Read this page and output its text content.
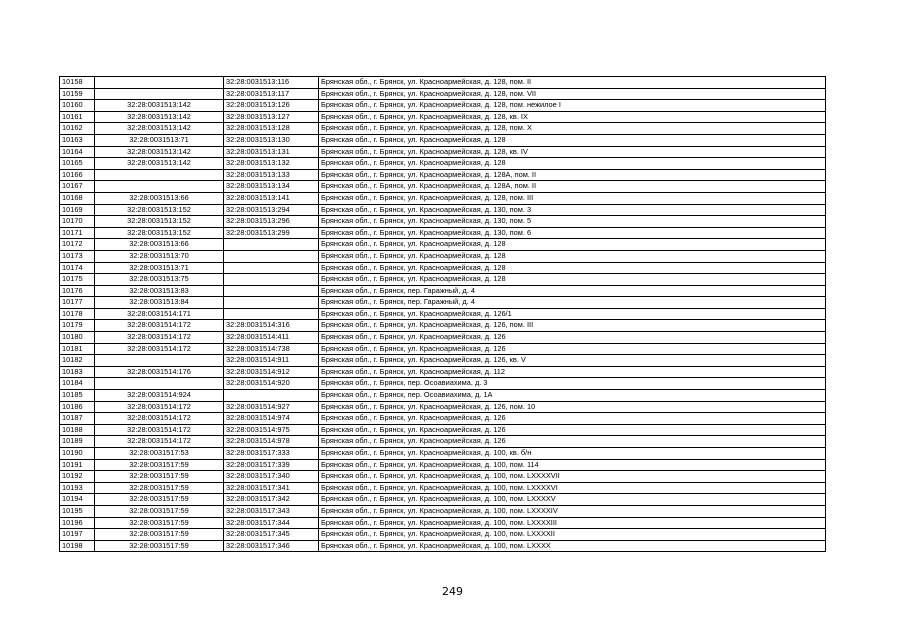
10158		32:28:0031513:116	Брянская обл., г. Брянск, ул. Красноармейская, д. 128, пом. II
10159		32:28:0031513:117	Брянская обл., г. Брянск, ул. Красноармейская, д. 128, пом. VII
10160	32:28:0031513:142	32:28:0031513:126	Брянская обл., г. Брянск, ул. Красноармейская, д. 128, пом. нежилое I
10161	32:28:0031513:142	32:28:0031513:127	Брянская обл., г. Брянск, ул. Красноармейская, д. 128, кв. IX
10162	32:28:0031513:142	32:28:0031513:128	Брянская обл., г. Брянск, ул. Красноармейская, д. 128, пом. X
10163	32:28:0031513:71	32:28:0031513:130	Брянская обл., г. Брянск, ул. Красноармейская, д. 128
10164	32:28:0031513:142	32:28:0031513:131	Брянская обл., г. Брянск, ул. Красноармейская, д. 128, кв. IV
10165	32:28:0031513:142	32:28:0031513:132	Брянская обл., г. Брянск, ул. Красноармейская, д. 128
10166		32:28:0031513:133	Брянская обл., г. Брянск, ул. Красноармейская, д. 128А, пом. II
10167		32:28:0031513:134	Брянская обл., г. Брянск, ул. Красноармейская, д. 128А, пом. II
10168	32:28:0031513:66	32:28:0031513:141	Брянская обл., г. Брянск, ул. Красноармейская, д. 128, пом. III
10169	32:28:0031513:152	32:28:0031513:294	Брянская обл., г. Брянск, ул. Красноармейская, д. 130, пом. 3
10170	32:28:0031513:152	32:28:0031513:296	Брянская обл., г. Брянск, ул. Красноармейская, д. 130, пом. 5
10171	32:28:0031513:152	32:28:0031513:299	Брянская обл., г. Брянск, ул. Красноармейская, д. 130, пом. 6
10172	32:28:0031513:66		Брянская обл., г. Брянск, ул. Красноармейская, д. 128
10173	32:28:0031513:70		Брянская обл., г. Брянск, ул. Красноармейская, д. 128
10174	32:28:0031513:71		Брянская обл., г. Брянск, ул. Красноармейская, д. 128
10175	32:28:0031513:75		Брянская обл., г. Брянск, ул. Красноармейская, д. 128
10176	32:28:0031513:83		Брянская обл., г. Брянск, пер. Гаражный, д. 4
10177	32:28:0031513:84		Брянская обл., г. Брянск, пер. Гаражный, д. 4
10178	32:28:0031514:171		Брянская обл., г. Брянск, ул. Красноармейская, д. 126/1
10179	32:28:0031514:172	32:28:0031514:316	Брянская обл., г. Брянск, ул. Красноармейская, д. 126, пом. III
10180	32:28:0031514:172	32:28:0031514:411	Брянская обл., г. Брянск, ул. Красноармейская, д. 126
10181	32:28:0031514:172	32:28:0031514:738	Брянская обл., г. Брянск, ул. Красноармейская, д. 126
10182		32:28:0031514:911	Брянская обл., г. Брянск, ул. Красноармейская, д. 126, кв. V
10183	32:28:0031514:176	32:28:0031514:912	Брянская обл., г. Брянск, ул. Красноармейская, д. 112
10184		32:28:0031514:920	Брянская обл., г. Брянск, пер. Осоавиахима, д. 3
10185	32:28:0031514:924		Брянская обл., г. Брянск, пер. Осоавиахима, д. 1А
10186	32:28:0031514:172	32:28:0031514:927	Брянская обл., г. Брянск, ул. Красноармейская, д. 126, пом. 10
10187	32:28:0031514:172	32:28:0031514:974	Брянская обл., г. Брянск, ул. Красноармейская, д. 126
10188	32:28:0031514:172	32:28:0031514:975	Брянская обл., г. Брянск, ул. Красноармейская, д. 126
10189	32:28:0031514:172	32:28:0031514:978	Брянская обл., г. Брянск, ул. Красноармейская, д. 126
10190	32:28:0031517:53	32:28:0031517:333	Брянская обл., г. Брянск, ул. Красноармейская, д. 100, кв. б/н
10191	32:28:0031517:59	32:28:0031517:339	Брянская обл., г. Брянск, ул. Красноармейская, д. 100, пом. 114
10192	32:28:0031517:59	32:28:0031517:340	Брянская обл., г. Брянск, ул. Красноармейская, д. 100, пом. LXXXXVII
10193	32:28:0031517:59	32:28:0031517:341	Брянская обл., г. Брянск, ул. Красноармейская, д. 100, пом. LXXXXVI
10194	32:28:0031517:59	32:28:0031517:342	Брянская обл., г. Брянск, ул. Красноармейская, д. 100, пом. LXXXXV
10195	32:28:0031517:59	32:28:0031517:343	Брянская обл., г. Брянск, ул. Красноармейская, д. 100, пом. LXXXXIV
10196	32:28:0031517:59	32:28:0031517:344	Брянская обл., г. Брянск, ул. Красноармейская, д. 100, пом. LXXXXIII
10197	32:28:0031517:59	32:28:0031517:345	Брянская обл., г. Брянск, ул. Красноармейская, д. 100, пом. LXXXXII
10198	32:28:0031517:59	32:28:0031517:346	Брянская обл., г. Брянск, ул. Красноармейская, д. 100, пом. LXXXX
249
